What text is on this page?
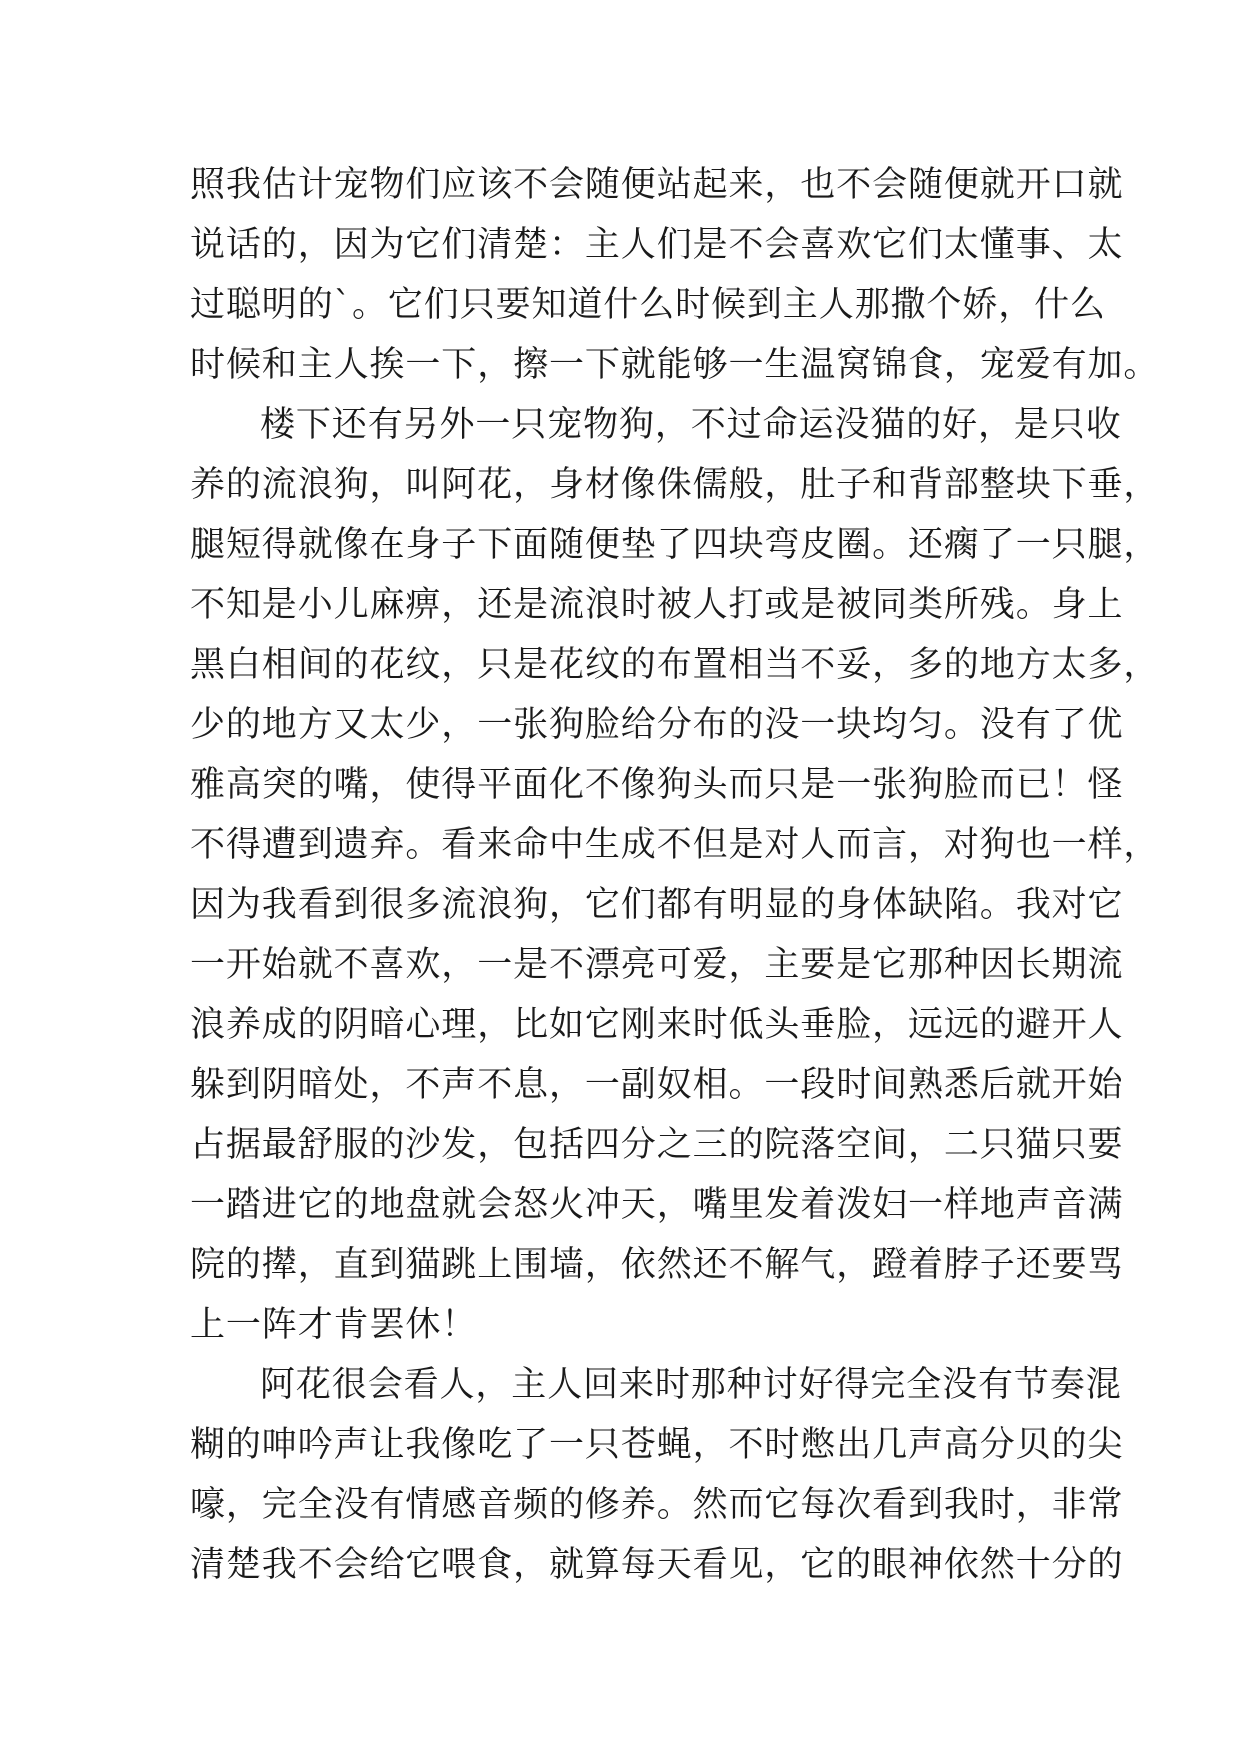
照我估计宠物们应该不会随便站起来，也不会随便就开口就
说话的，因为它们清楚：主人们是不会喜欢它们太懂事、太
过聪明的`。它们只要知道什么时候到主人那撒个娇，什么
时候和主人挨一下，擦一下就能够一生温窝锦食，宠爱有加。
楼下还有另外一只宠物狗，不过命运没猫的好，是只收
养的流浪狗，叫阿花，身材像侏儒般，肚子和背部整块下垂，
腿短得就像在身子下面随便垫了四块弯皮圈。还瘸了一只腿，
不知是小儿麻痹，还是流浪时被人打或是被同类所残。身上
黑白相间的花纹，只是花纹的布置相当不妥，多的地方太多，
少的地方又太少，一张狗脸给分布的没一块均匀。没有了优
雅高突的嘴，使得平面化不像狗头而只是一张狗脸而已！怪
不得遭到遗弃。看来命中生成不但是对人而言，对狗也一样，
因为我看到很多流浪狗，它们都有明显的身体缺陷。我对它
一开始就不喜欢，一是不漂亮可爱，主要是它那种因长期流
浪养成的阴暗心理，比如它刚来时低头垂脸，远远的避开人
躲到阴暗处，不声不息，一副奴相。一段时间熟悉后就开始
占据最舒服的沙发，包括四分之三的院落空间，二只猫只要
一踏进它的地盘就会怒火冲天，嘴里发着泼妇一样地声音满
院的撵，直到猫跳上围墙，依然还不解气，蹬着脖子还要骂
上一阵才肯罢休！
阿花很会看人，主人回来时那种讨好得完全没有节奏混
糊的呻吟声让我像吃了一只苍蝇，不时憋出几声高分贝的尖
嚎，完全没有情感音频的修养。然而它每次看到我时，非常
清楚我不会给它喂食，就算每天看见，它的眼神依然十分的
